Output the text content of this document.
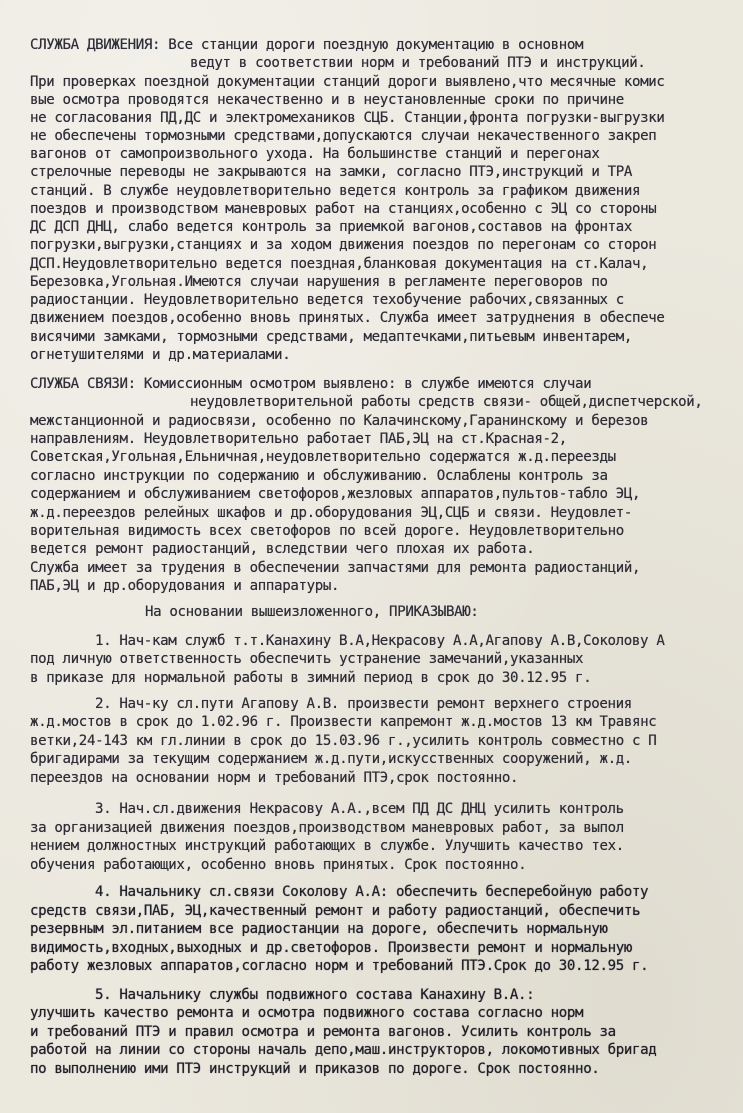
СЛУЖБА ДВИЖЕНИЯ: Все станции дороги поездную документацию в основном
ведут в соответствии норм и требований ПТЭ и инструкций.
При проверках поездной документации станций дороги выявлено,что месячные комис
вые осмотра проводятся некачественно и в неустановленные сроки по причине
не согласования ПД,ДС и электромехаников СЦБ. Станции,фронта погрузки-выгрузки
не обеспечены тормозными средствами,допускаются случаи некачественного закреп
вагонов от самопроизвольного ухода. На большинстве станций и перегонах
стрелочные переводы не закрываются на замки, согласно ПТЭ,инструкций и ТРА
станций. В службе неудовлетворительно ведется контроль за графиком движения
поездов и производством маневровых работ на станциях,особенно с ЭЦ со стороны
ДС ДСП ДНЦ, слабо ведется контроль за приемкой вагонов,составов на фронтах
погрузки,выгрузки,станциях и за ходом движения поездов по перегонам со сторон
ДСП.Неудовлетворительно ведется поездная,бланковая документация на ст.Калач,
Березовка,Угольная.Имеются случаи нарушения в регламенте переговоров по
радиостанции. Неудовлетворительно ведется техобучение рабочих,связанных с
движением поездов,особенно вновь принятых. Служба имеет затруднения в обеспече
висячими замками, тормозными средствами, медаптечками,питьевым инвентарем,
огнетушителями и др.материалами.
СЛУЖБА СВЯЗИ: Комиссионным осмотром выявлено: в службе имеются случаи
неудовлетворительной работы средств связи- общей,диспетчерской,
межстанционной и радиосвязи, особенно по Калачинскому,Гаранинскому и березов
направлениям. Неудовлетворительно работает ПАБ,ЭЦ на ст.Красная-2,
Советская,Угольная,Ельничная,неудовлетворительно содержатся ж.д.переезды
согласно инструкции по содержанию и обслуживанию. Ослаблены контроль за
содержанием и обслуживанием светофоров,жезловых аппаратов,пультов-табло ЭЦ,
ж.д.переездов релейных шкафов и др.оборудования ЭЦ,СЦБ и связи. Неудовлет-
ворительная видимость всех светофоров по всей дороге. Неудовлетворительно
ведется ремонт радиостанций, вследствии чего плохая их работа.
Служба имеет за трудения в обеспечении запчастями для ремонта радиостанций,
ПАБ,ЭЦ и др.оборудования и аппаратуры.
На основании вышеизложенного, ПРИКАЗЫВАЮ:
1. Нач-кам служб т.т.Канахину В.А,Некрасову А.А,Агапову А.В,Соколову А
под личную ответственность обеспечить устранение замечаний,указанных
в приказе для нормальной работы в зимний период в срок до 30.12.95 г.
2. Нач-ку сл.пути Агапову А.В. произвести ремонт верхнего строения
ж.д.мостов в срок до 1.02.96 г. Произвести капремонт ж.д.мостов 13 км Травянс
ветки,24-143 км гл.линии в срок до 15.03.96 г.,усилить контроль совместно с П
бригадирами за текущим содержанием ж.д.пути,искусственных сооружений, ж.д.
переездов на основании норм и требований ПТЭ,срок постоянно.
3. Нач.сл.движения Некрасову А.А.,всем ПД ДС ДНЦ усилить контроль
за организацией движения поездов,производством маневровых работ, за выпол
нением должностных инструкций работающих в службе. Улучшить качество тех.
обучения работающих, особенно вновь принятых. Срок постоянно.
4. Начальнику сл.связи Соколову А.А: обеспечить бесперебойную работу
средств связи,ПАБ, ЭЦ,качественный ремонт и работу радиостанций, обеспечить
резервным эл.питанием все радиостанции на дороге, обеспечить нормальную
видимость,входных,выходных и др.светофоров. Произвести ремонт и нормальную
работу жезловых аппаратов,согласно норм и требований ПТЭ.Срок до 30.12.95 г.
5. Начальнику службы подвижного состава Канахину В.А.:
улучшить качество ремонта и осмотра подвижного состава согласно норм
и требований ПТЭ и правил осмотра и ремонта вагонов. Усилить контроль за
работой на линии со стороны началь депо,маш.инструкторов, локомотивных бригад
по выполнению ими ПТЭ инструкций и приказов по дороге. Срок постоянно.
